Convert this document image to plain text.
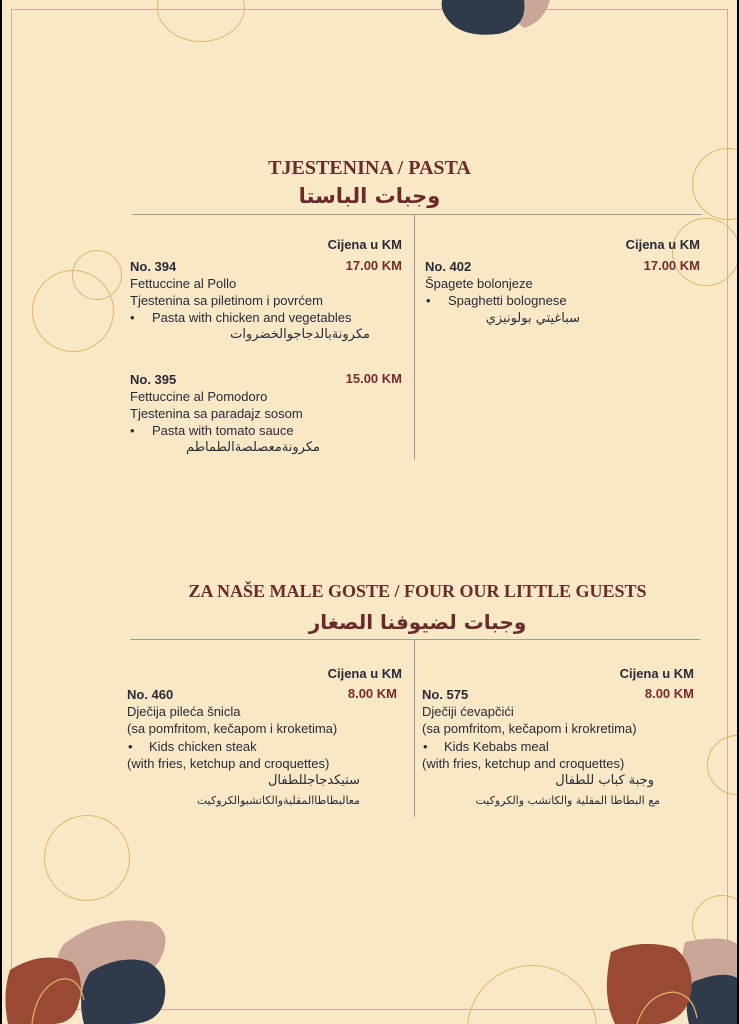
TJESTENINA / PASTA
وجبات الباستا
Cijena u KM	Cijena u KM
No. 394	17.00 KM
Fettuccine al Pollo
Tjestenina sa piletinom i povrćem
• Pasta with chicken and vegetables
مكرونةبالدجاجوالخضروات
No. 395	15.00 KM
Fettuccine al Pomodoro
Tjestenina sa paradajz sosom
• Pasta with tomato sauce
مكرونةمعصلصةالطماطم
No. 402	17.00 KM
Špagete bolonjeze
• Spaghetti bolognese
سباغيتي بولونيزي
ZA NAŠE MALE GOSTE / FOUR OUR LITTLE GUESTS
وجبات لضيوفنا الصغار
Cijena u KM	Cijena u KM
No. 460	8.00 KM
Dječija pileća šnicla
(sa pomfritom, kečapom i kroketima)
• Kids chicken steak
(with fries, ketchup and croquettes)
ستيكدجاجللطفال
معالبطاطاالمقليةوالكاتشبوالكروكيت
No. 575	8.00 KM
Dječiji ćevapčići
(sa pomfritom, kečapom i krokretima)
• Kids Kebabs meal
(with fries, ketchup and croquettes)
وجبة كباب للطفال
مع البطاطا المقلية والكاتشب والكروكيت
